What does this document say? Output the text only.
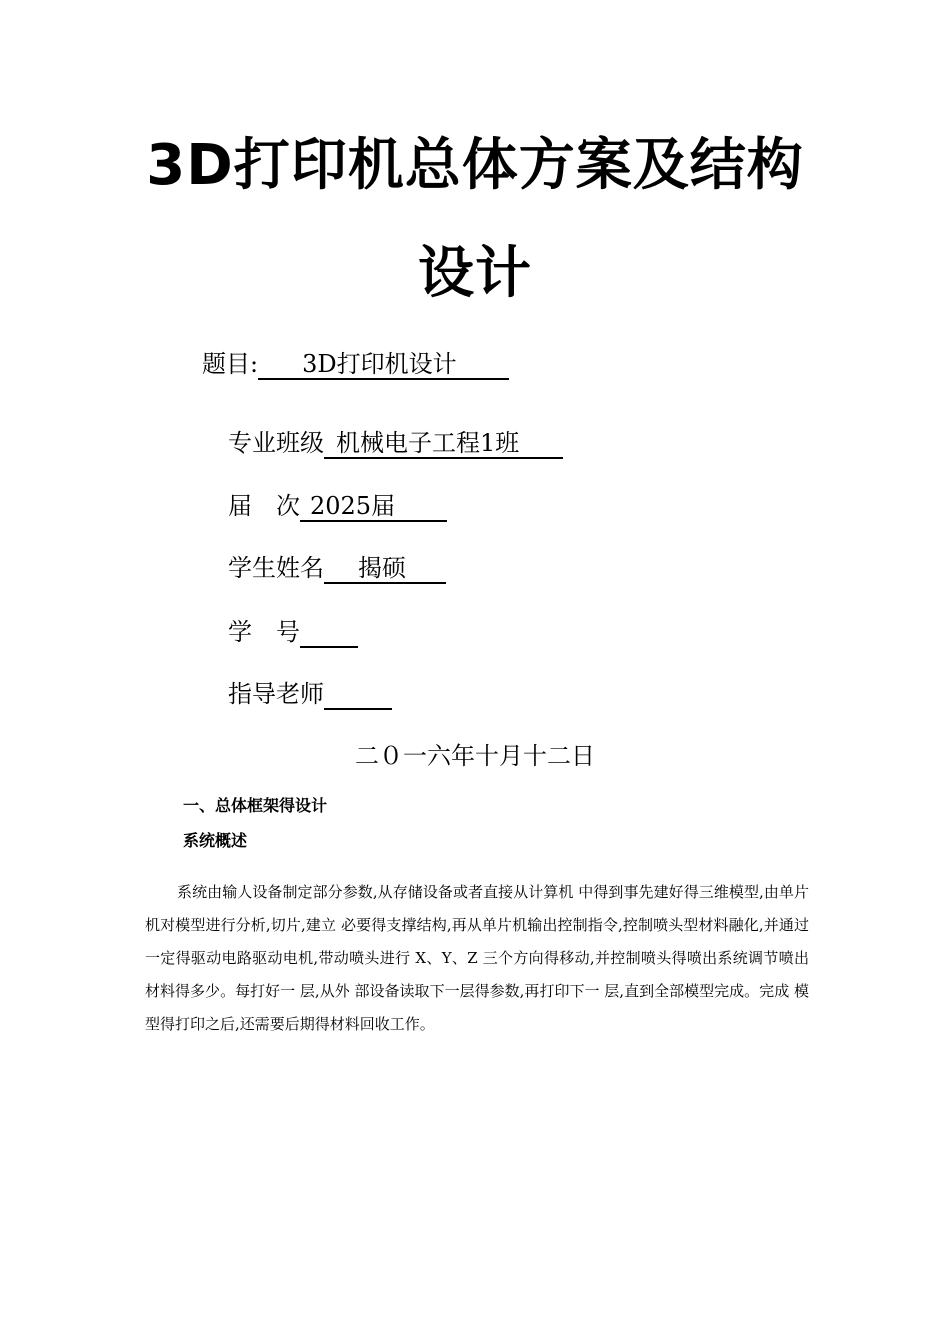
3D打印机总体方案及结构
设计
题目: 3D打印机设计
专业班级 机械电子工程1班
届　次 2025届
学生姓名 揭硕
学　号
指导老师
二０一六年十月十二日
一、总体框架得设计
系统概述

系统由输人设备制定部分参数,从存储设备或者直接从计算机 中得到事先建好得三维模型,由单片机对模型进行分析,切片,建立 必要得支撑结构,再从单片机输出控制指令,控制喷头型材料融化,并通过一定得驱动电路驱动电机,带动喷头进行 X、Y、Z 三个方向得移动,并控制喷头得喷出系统调节喷出材料得多少。每打好一 层,从外 部设备读取下一层得参数,再打印下一 层,直到全部模型完成。完成 模型得打印之后,还需要后期得材料回收工作。
